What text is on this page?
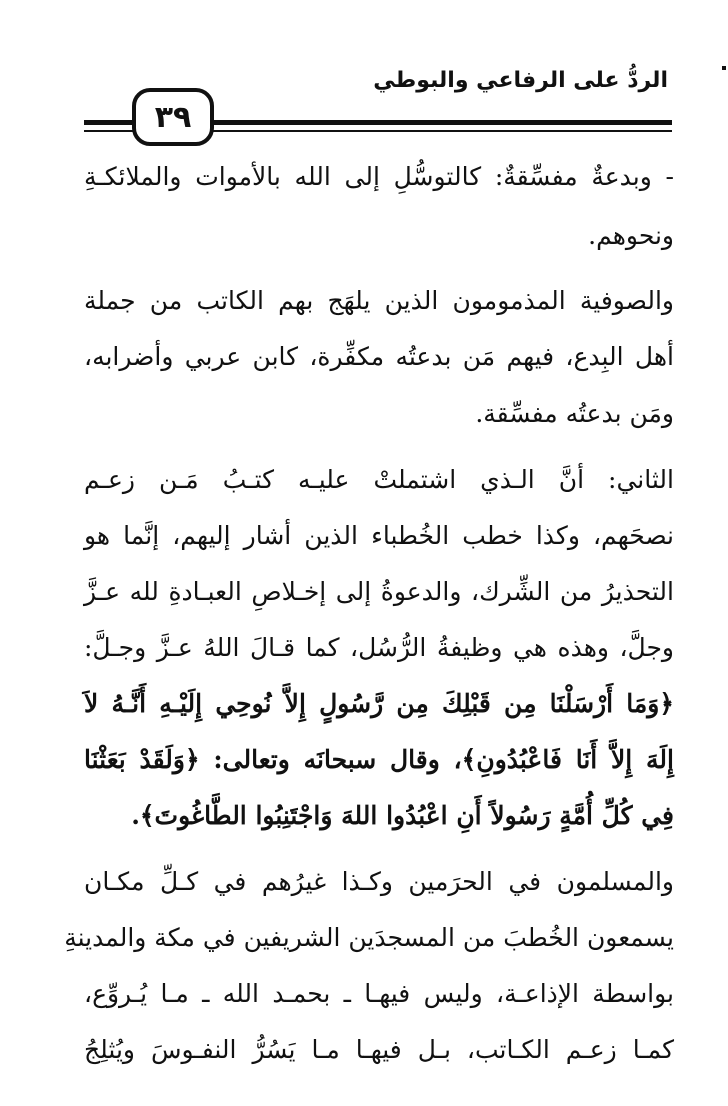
الردُّ على الرفاعي والبوطي
٣٩
- وبدعةٌ مفسِّقةٌ: كالتوسُّلِ إلى الله بالأموات والملائكـةِ
ونحوهم.
والصوفية المذمومون الذين يلهَج بهم الكاتب من جملة
أهل البِدع، فيهم مَن بدعتُه مكفِّرة، كابن عربي وأضرابه،
ومَن بدعتُه مفسِّقة.
الثاني: أنَّ الـذي اشتملتْ عليـه كتـبُ مَـن زعـم
نصحَهم، وكذا خطب الخُطباء الذين أشار إليهم، إنَّما هو
التحذيرُ من الشِّرك، والدعوةُ إلى إخـلاصِ العبـادةِ لله عـزَّ
وجلَّ، وهذه هي وظيفةُ الرُّسُل، كما قـالَ اللهُ عـزَّ وجـلَّ:
﴿وَمَا أَرْسَلْنَا مِن قَبْلِكَ مِن رَّسُولٍ إِلاَّ نُوحِي إِلَيْـهِ أَنَّـهُ لاَ
إِلَهَ إِلاَّ أَنَا فَاعْبُدُونِ﴾، وقال سبحانَه وتعالى: ﴿وَلَقَدْ بَعَثْنَا
فِي كُلِّ أُمَّةٍ رَسُولاً أَنِ اعْبُدُوا اللهَ وَاجْتَنِبُوا الطَّاغُوتَ﴾.
والمسلمون في الحرَمين وكـذا غيرُهم في كـلِّ مكـان
يسمعون الخُطبَ من المسجدَين الشريفين في مكة والمدينةِ
بواسطة الإذاعـة، وليس فيهـا ـ بحمـد الله ـ مـا يُـروِّع،
كمـا زعـم الكـاتب، بـل فيهـا مـا يَسُرُّ النفـوسَ ويُثلِجُ
